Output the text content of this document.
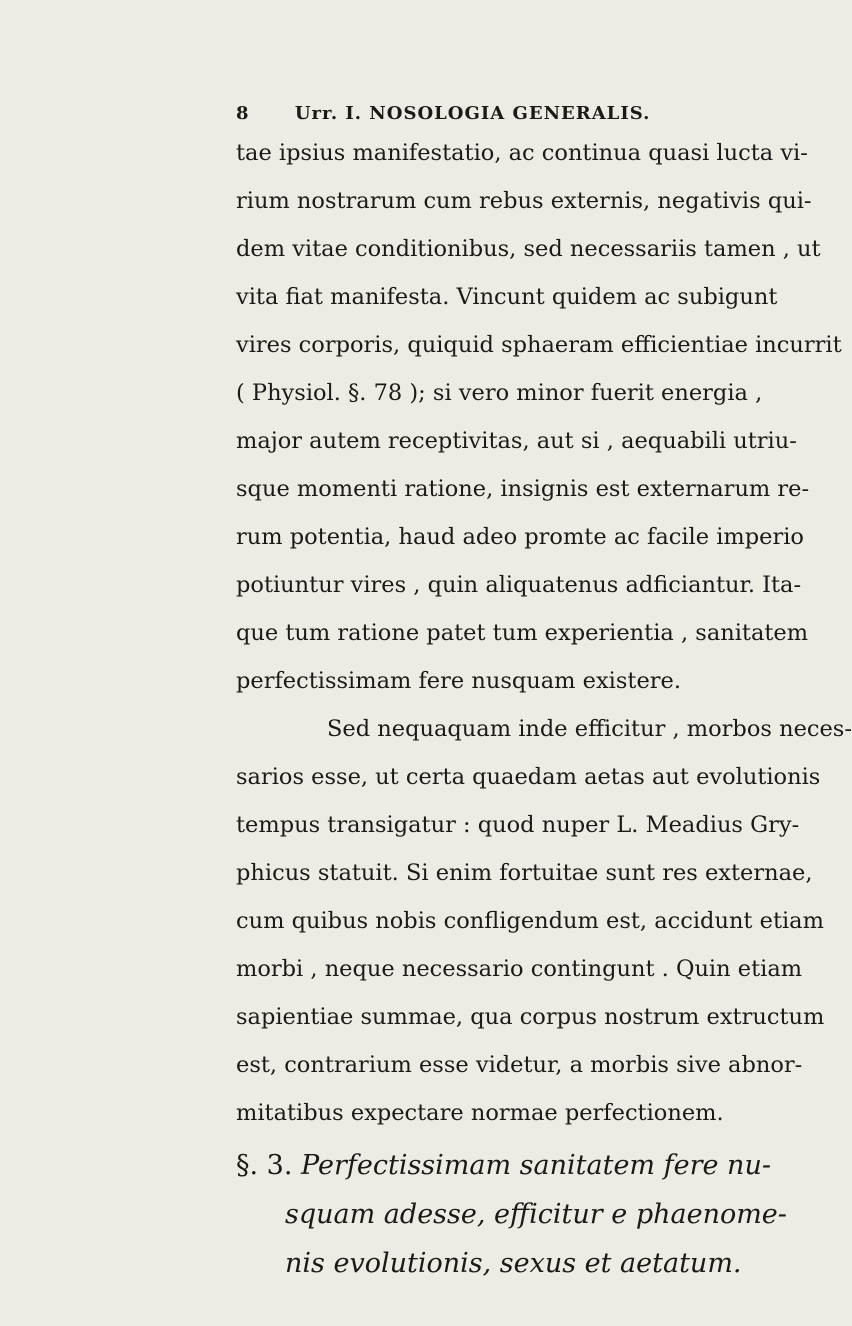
8	Urr. I. NOSOLOGIA GENERALIS.
tae ipsius manifestatio, ac continua quasi lucta vi-
rium nostrarum cum rebus externis, negativis qui-
dem vitae conditionibus, sed necessariis tamen , ut
vita fiat manifesta. Vincunt quidem ac subigunt
vires corporis, quiquid sphaeram efficientiae incurrit
( Physiol. §. 78 ); si vero minor fuerit energia ,
major autem receptivitas, aut si , aequabili utriu-
sque momenti ratione, insignis est externarum re-
rum potentia, haud adeo promte ac facile imperio
potiuntur vires , quin aliquatenus adficiantur. Ita-
que tum ratione patet tum experientia , sanitatem
perfectissimam fere nusquam existere.
Sed nequaquam inde efficitur , morbos neces-
sarios esse, ut certa quaedam aetas aut evolutionis
tempus transigatur : quod nuper L. Meadius Gry-
phicus statuit. Si enim fortuitae sunt res externae,
cum quibus nobis confligendum est, accidunt etiam
morbi , neque necessario contingunt . Quin etiam
sapientiae summae, qua corpus nostrum extructum
est, contrarium esse videtur, a morbis sive abnor-
mitatibus expectare normae perfectionem.
§. 3. Perfectissimam sanitatem fere nu-
squam adesse, efficitur e phaenome-
nis evolutionis, sexus et aetatum.
